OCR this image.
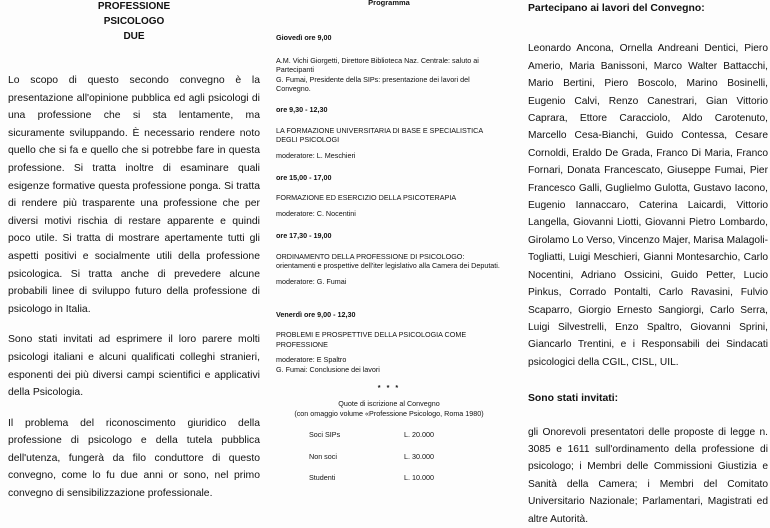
PROFESSIONE
PSICOLOGO
DUE

Lo scopo di questo secondo convegno è la presentazione all'opinione pubblica ed agli psicologi di una professione che si sta lentamente, ma sicuramente sviluppando. È necessario rendere noto quello che si fa e quello che si potrebbe fare in questa professione. Si tratta inoltre di esaminare quali esigenze formative questa professione ponga. Si tratta di rendere più trasparente una professione che per diversi motivi rischia di restare apparente e quindi poco utile. Si tratta di mostrare apertamente tutti gli aspetti positivi e socialmente utili della professione psicologica. Si tratta anche di prevedere alcune probabili linee di sviluppo futuro della professione di psicologo in Italia.

Sono stati invitati ad esprimere il loro parere molti psicologi italiani e alcuni qualificati colleghi stranieri, esponenti dei più diversi campi scientifici e applicativi della Psicologia.

Il problema del riconoscimento giuridico della professione di psicologo e della tutela pubblica dell'utenza, fungerà da filo conduttore di questo convegno, come lo fu due anni or sono, nel primo convegno di sensibilizzazione professionale.

Programma
Giovedì ore 9,00
A.M. Vichi Giorgetti, Direttore Biblioteca Naz. Centrale: saluto ai Partecipanti
G. Fumai, Presidente della SIPs: presentazione dei lavori del Convegno.
ore 9,30 - 12,30
LA FORMAZIONE UNIVERSITARIA DI BASE E SPECIALISTICA DEGLI PSICOLOGI
moderatore: L. Meschieri
ore 15,00 - 17,00
FORMAZIONE ED ESERCIZIO DELLA PSICOTERAPIA
moderatore: C. Nocentini
ore 17,30 - 19,00
ORDINAMENTO DELLA PROFESSIONE DI PSICOLOGO: orientamenti e prospettive dell'iter legislativo alla Camera dei Deputati.
moderatore: G. Fumai
Venerdì ore 9,00 - 12,30
PROBLEMI E PROSPETTIVE DELLA PSICOLOGIA COME PROFESSIONE
moderatore: E Spaltro
G. Fumai: Conclusione dei lavori
* * *
Quote di iscrizione al Convegno
(con omaggio volume «Professione Psicologo, Roma 1980)
Soci SIPs	L. 20.000
Non soci	L. 30.000
Studenti	L. 10.000
Partecipano ai lavori del Convegno:

Leonardo Ancona, Ornella Andreani Dentici, Piero Amerio, Maria Banissoni, Marco Walter Battacchi, Mario Bertini, Piero Boscolo, Marino Bosinelli, Eugenio Calvi, Renzo Canestrari, Gian Vittorio Caprara, Ettore Caracciolo, Aldo Carotenuto, Marcello Cesa-Bianchi, Guido Contessa, Cesare Cornoldi, Eraldo De Grada, Franco Di Maria, Franco Fornari, Donata Francescato, Giuseppe Fumai, Pier Francesco Galli, Guglielmo Gulotta, Gustavo Iacono, Eugenio Iannaccaro, Caterina Laicardi, Vittorio Langella, Giovanni Liotti, Giovanni Pietro Lombardo, Girolamo Lo Verso, Vincenzo Majer, Marisa Malagoli-Togliatti, Luigi Meschieri, Gianni Montesarchio, Carlo Nocentini, Adriano Ossicini, Guido Petter, Lucio Pinkus, Corrado Pontalti, Carlo Ravasini, Fulvio Scaparro, Giorgio Ernesto Sangiorgi, Carlo Serra, Luigi Silvestrelli, Enzo Spaltro, Giovanni Sprini, Giancarlo Trentini, e i Responsabili dei Sindacati psicologici della CGIL, CISL, UIL.

Sono stati invitati:

gli Onorevoli presentatori delle proposte di legge n. 3085 e 1611 sull'ordinamento della professione di psicologo; i Membri delle Commissioni Giustizia e Sanità della Camera; i Membri del Comitato Universitario Nazionale; Parlamentari, Magistrati ed altre Autorità.
